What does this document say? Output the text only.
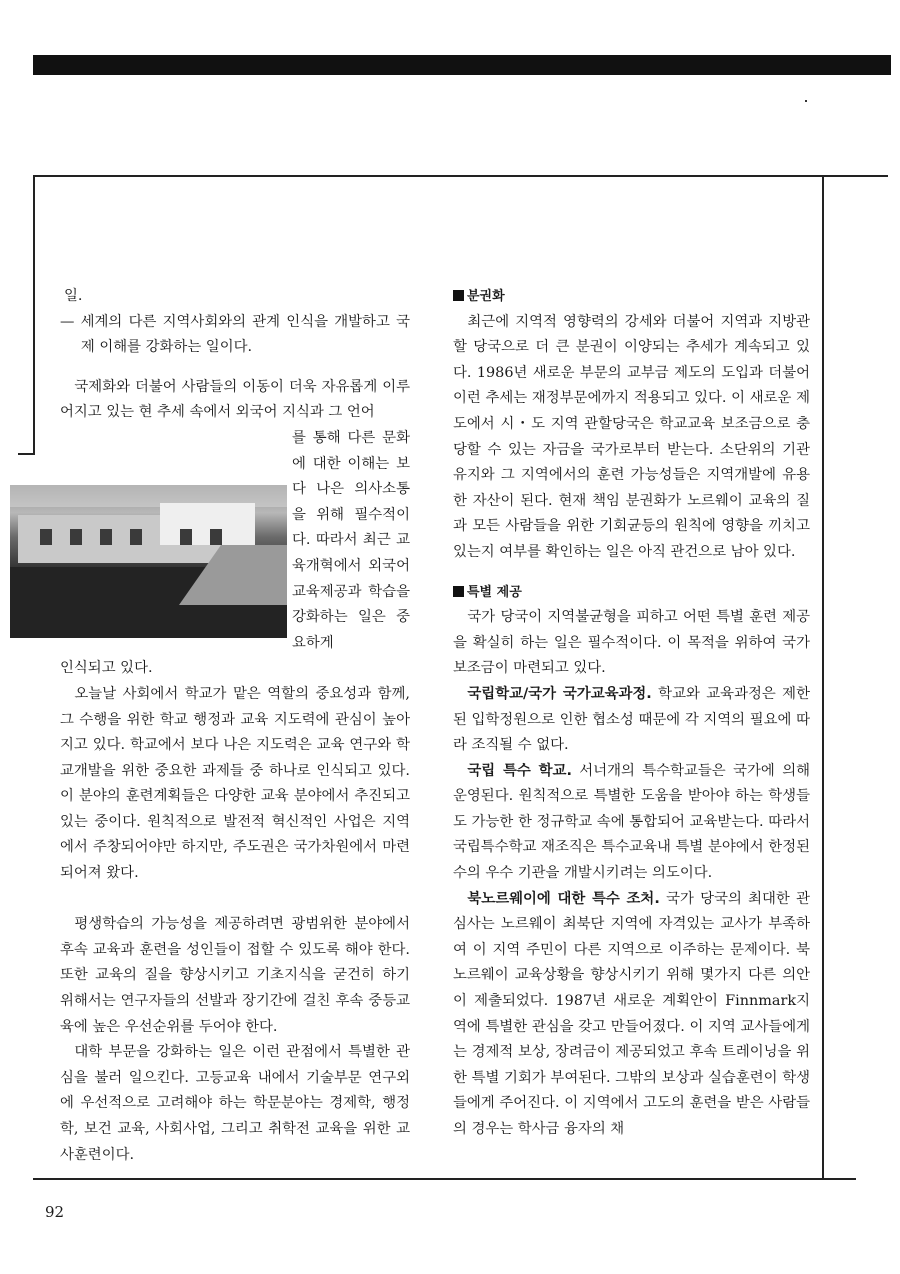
일.

— 세계의 다른 지역사회와의 관계 인식을 개발하고 국제 이해를 강화하는 일이다.

국제화와 더불어 사람들의 이동이 더욱 자유롭게 이루어지고 있는 현 추세 속에서 외국어 지식과 그 언어

를 통해 다른 문화에 대한 이해는 보다 나은 의사소통을 위해 필수적이다. 따라서 최근 교육개혁에서 외국어 교육제공과 학습을 강화하는 일은 중요하게

인식되고 있다.

오늘날 사회에서 학교가 맡은 역할의 중요성과 함께, 그 수행을 위한 학교 행정과 교육 지도력에 관심이 높아지고 있다. 학교에서 보다 나은 지도력은 교육 연구와 학교개발을 위한 중요한 과제들 중 하나로 인식되고 있다. 이 분야의 훈련계획들은 다양한 교육 분야에서 추진되고 있는 중이다. 원칙적으로 발전적 혁신적인 사업은 지역에서 주창되어야만 하지만, 주도권은 국가차원에서 마련되어져 왔다.

평생학습의 가능성을 제공하려면 광범위한 분야에서 후속 교육과 훈련을 성인들이 접할 수 있도록 해야 한다. 또한 교육의 질을 향상시키고 기초지식을 굳건히 하기 위해서는 연구자들의 선발과 장기간에 걸친 후속 중등교육에 높은 우선순위를 두어야 한다.

대학 부문을 강화하는 일은 이런 관점에서 특별한 관심을 불러 일으킨다. 고등교육 내에서 기술부문 연구외에 우선적으로 고려해야 하는 학문분야는 경제학, 행정학, 보건 교육, 사회사업, 그리고 취학전 교육을 위한 교사훈련이다.

분권화

최근에 지역적 영향력의 강세와 더불어 지역과 지방관할 당국으로 더 큰 분권이 이양되는 추세가 계속되고 있다. 1986년 새로운 부문의 교부금 제도의 도입과 더불어 이런 추세는 재정부문에까지 적용되고 있다. 이 새로운 제도에서 시・도 지역 관할당국은 학교교육 보조금으로 충당할 수 있는 자금을 국가로부터 받는다. 소단위의 기관 유지와 그 지역에서의 훈련 가능성들은 지역개발에 유용한 자산이 된다. 현재 책임 분권화가 노르웨이 교육의 질과 모든 사람들을 위한 기회균등의 원칙에 영향을 끼치고 있는지 여부를 확인하는 일은 아직 관건으로 남아 있다.

특별 제공

국가 당국이 지역불균형을 피하고 어떤 특별 훈련 제공을 확실히 하는 일은 필수적이다. 이 목적을 위하여 국가 보조금이 마련되고 있다.

국립학교/국가 국가교육과정. 학교와 교육과정은 제한된 입학정원으로 인한 협소성 때문에 각 지역의 필요에 따라 조직될 수 없다.

국립 특수 학교. 서너개의 특수학교들은 국가에 의해 운영된다. 원칙적으로 특별한 도움을 받아야 하는 학생들도 가능한 한 정규학교 속에 통합되어 교육받는다. 따라서 국립특수학교 재조직은 특수교육내 특별 분야에서 한정된 수의 우수 기관을 개발시키려는 의도이다.

북노르웨이에 대한 특수 조처. 국가 당국의 최대한 관심사는 노르웨이 최북단 지역에 자격있는 교사가 부족하여 이 지역 주민이 다른 지역으로 이주하는 문제이다. 북 노르웨이 교육상황을 향상시키기 위해 몇가지 다른 의안이 제출되었다. 1987년 새로운 계획안이 Finnmark지역에 특별한 관심을 갖고 만들어졌다. 이 지역 교사들에게는 경제적 보상, 장려금이 제공되었고 후속 트레이닝을 위한 특별 기회가 부여된다. 그밖의 보상과 실습훈련이 학생들에게 주어진다. 이 지역에서 고도의 훈련을 받은 사람들의 경우는 학사금 융자의 채

92
